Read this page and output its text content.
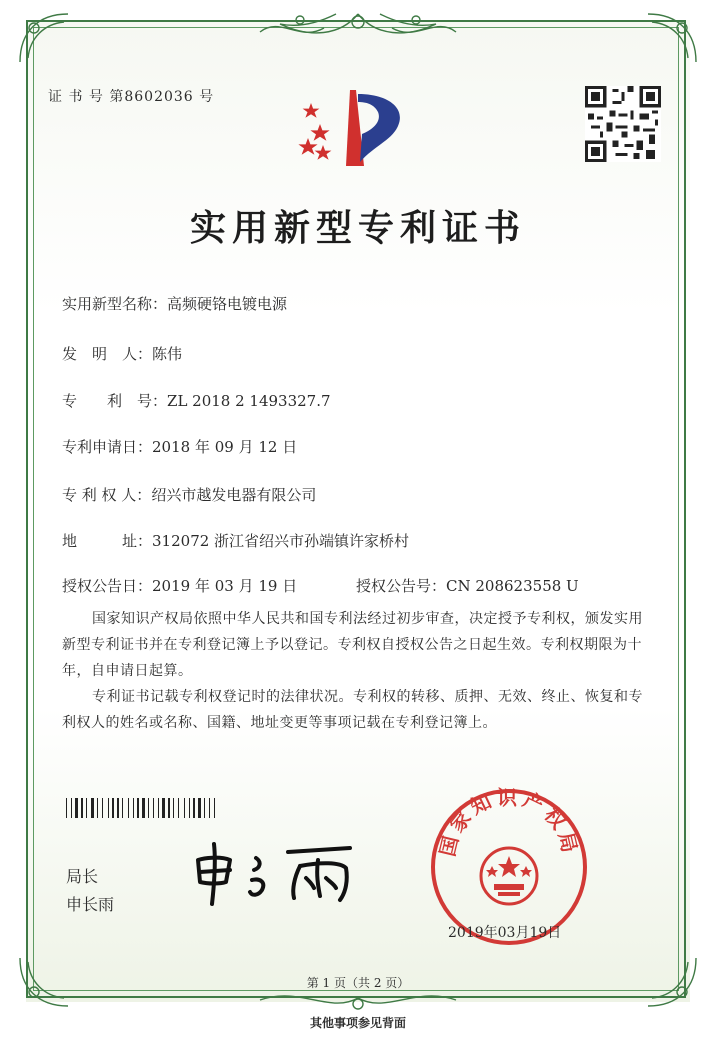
证 书 号 第8602036 号
实用新型专利证书
实用新型名称：高频硬铬电镀电源
发　明　人：陈伟
专　　利　号：ZL 2018 2 1493327.7
专利申请日：2018 年 09 月 12 日
专 利 权 人：绍兴市越发电器有限公司
地　　　址：312072 浙江省绍兴市孙端镇许家桥村
授权公告日：2019 年 03 月 19 日	授权公告号：CN 208623558 U
国家知识产权局依照中华人民共和国专利法经过初步审查，决定授予专利权，颁发实用新型专利证书并在专利登记簿上予以登记。专利权自授权公告之日起生效。专利权期限为十年，自申请日起算。
专利证书记载专利权登记时的法律状况。专利权的转移、质押、无效、终止、恢复和专利权人的姓名或名称、国籍、地址变更等事项记载在专利登记簿上。
局长
申长雨
国家知识产权局
2019年03月19日
第 1 页（共 2 页）
其他事项参见背面
